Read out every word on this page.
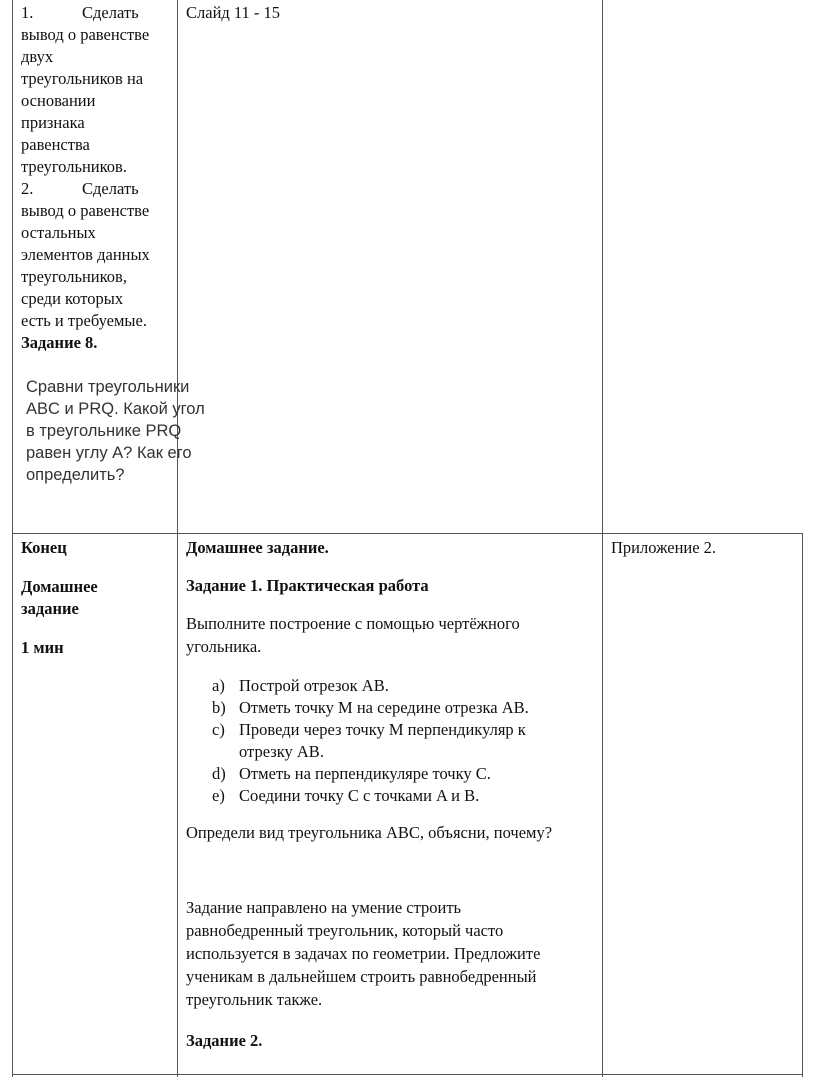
1.	Сделать
вывод о равенстве
двух
треугольников на
основании
признака
равенства
треугольников.
2.	Сделать
вывод о равенстве
остальных
элементов данных
треугольников,
среди которых
есть и требуемые.
Задание 8.
Сравни треугольники
ABC и PRQ. Какой угол
в треугольнике PRQ
равен углу A? Как его
определить?
Слайд 11 - 15
Конец
Домашнее
задание
1 мин
Домашнее задание.
Задание 1. Практическая работа
Выполните построение с помощью чертёжного
угольника.
a) Построй отрезок AB.
b) Отметь точку M на середине отрезка AB.
c) Проведи через точку M перпендикуляр к
отрезку AB.
d) Отметь на перпендикуляре точку C.
e) Соедини точку C с точками A и B.
Определи вид треугольника ABC, объясни, почему?
Задание направлено на умение строить
равнобедренный треугольник, который часто
используется в задачах по геометрии. Предложите
ученикам в дальнейшем строить равнобедренный
треугольник также.
Задание 2.
Приложение 2.
